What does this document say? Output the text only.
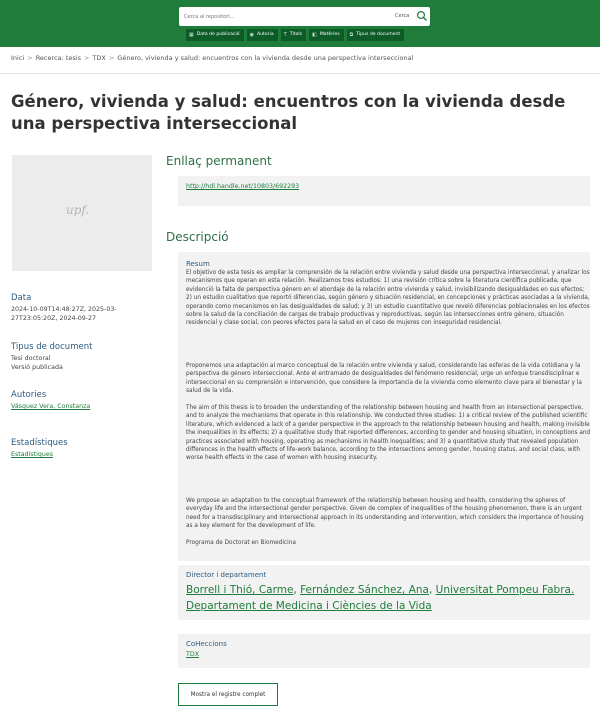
Cerca al repositori...
Cerca
▦ Data de publicació ◉ Autoria T Títols ◧ Matèries ⧉ Tipus de document
Inici > Recerca: tesis > TDX > Género, vivienda y salud: encuentros con la vivienda desde una perspectiva interseccional
Género, vivienda y salud: encuentros con la vivienda desde una perspectiva interseccional
upf.
Data
2024-10-09T14:48:27Z, 2025-03-27T23:05:20Z, 2024-09-27
Tipus de document
Tesi doctoral
Versió publicada
Autories
Vásquez Vera, Constanza
Estadístiques
Estadístiques
Enllaç permanent
http://hdl.handle.net/10803/692293
Descripció
Resum
El objetivo de esta tesis es ampliar la comprensión de la relación entre vivienda y salud desde una perspectiva interseccional, y analizar los mecanismos que operan en esta relación. Realizamos tres estudios: 1) una revisión crítica sobre la literatura científica publicada, que evidenció la falta de perspectiva género en el abordaje de la relación entre vivienda y salud, invisibilizando desigualdades en sus efectos; 2) un estudio cualitativo que reportó diferencias, según género y situación residencial, en concepciones y prácticas asociadas a la vivienda, operando como mecanismos en las desigualdades de salud; y 3) un estudio cuantitativo que reveló diferencias poblacionales en los efectos sobre la salud de la conciliación de cargas de trabajo productivas y reproductivas, según las intersecciones entre género, situación residencial y clase social, con peores efectos para la salud en el caso de mujeres con inseguridad residencial.
Proponemos una adaptación al marco conceptual de la relación entre vivienda y salud, considerando las esferas de la vida cotidiana y la perspectiva de género interseccional. Ante el entramado de desigualdades del fenómeno residencial, urge un enfoque transdisciplinar e interseccional en su comprensión e intervención, que considere la importancia de la vivienda como elemento clave para el bienestar y la salud de la vida.
The aim of this thesis is to broaden the understanding of the relationship between housing and health from an intersectional perspective, and to analyze the mechanisms that operate in this relationship. We conducted three studies: 1) a critical review of the published scientific literature, which evidenced a lack of a gender perspective in the approach to the relationship between housing and health, making invisible the inequalities in its effects; 2) a qualitative study that reported differences, according to gender and housing situation, in conceptions and practices associated with housing, operating as mechanisms in health inequalities; and 3) a quantitative study that revealed population differences in the health effects of life-work balance, according to the intersections among gender, housing status, and social class, with worse health effects in the case of women with housing insecurity.
We propose an adaptation to the conceptual framework of the relationship between housing and health, considering the spheres of everyday life and the intersectional gender perspective. Given de complex of inequalities of the housing phenomenon, there is an urgent need for a transdisciplinary and intersectional approach in its understanding and intervention, which considers the importance of housing as a key element for the development of life.
Programa de Doctorat en Biomedicina
Director i departament
Borrell i Thió, Carme, Fernández Sánchez, Ana, Universitat Pompeu Fabra. Departament de Medicina i Ciències de la Vida
CoHeccions
TDX
Mostra el registre complet
